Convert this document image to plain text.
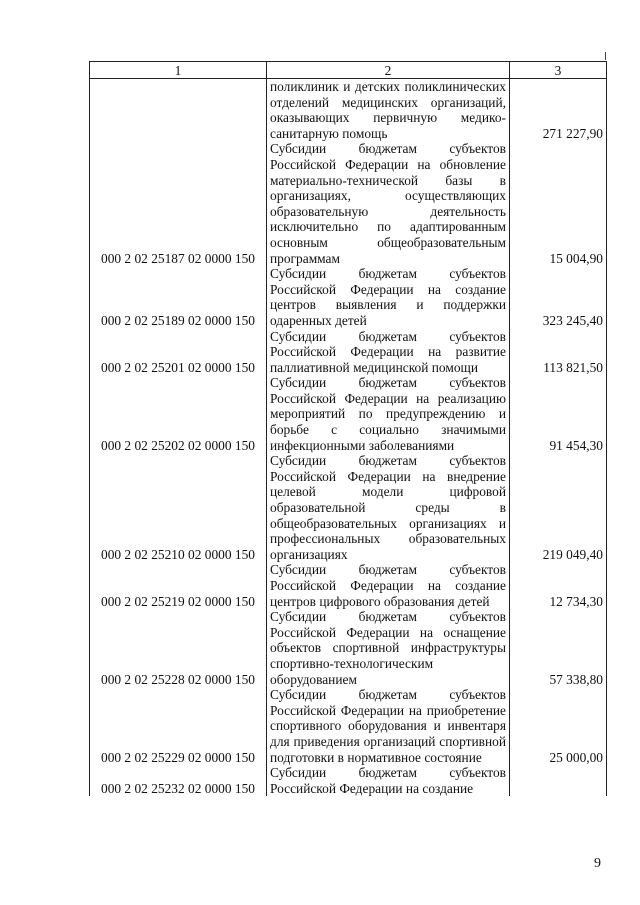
1	2	3
	поликлиник и детских поликлинических отделений медицинских организаций, оказывающих первичную медико-санитарную помощь	271 227,90

000 2 02 25187 02 0000 150	Субсидии бюджетам субъектов Российской Федерации на обновление материально-технической базы в организациях, осуществляющих образовательную деятельность исключительно по адаптированным основным общеобразовательным программам	15 004,90

000 2 02 25189 02 0000 150	Субсидии бюджетам субъектов Российской Федерации на создание центров выявления и поддержки одаренных детей	323 245,40

000 2 02 25201 02 0000 150	Субсидии бюджетам субъектов Российской Федерации на развитие паллиативной медицинской помощи	113 821,50

000 2 02 25202 02 0000 150	Субсидии бюджетам субъектов Российской Федерации на реализацию мероприятий по предупреждению и борьбе с социально значимыми инфекционными заболеваниями	91 454,30

000 2 02 25210 02 0000 150	Субсидии бюджетам субъектов Российской Федерации на внедрение целевой модели цифровой образовательной среды в общеобразовательных организациях и профессиональных образовательных организациях	219 049,40

000 2 02 25219 02 0000 150	Субсидии бюджетам субъектов Российской Федерации на создание центров цифрового образования детей	12 734,30

000 2 02 25228 02 0000 150	Субсидии бюджетам субъектов Российской Федерации на оснащение объектов спортивной инфраструктуры спортивно-технологическим оборудованием	57 338,80

000 2 02 25229 02 0000 150	Субсидии бюджетам субъектов Российской Федерации на приобретение спортивного оборудования и инвентаря для приведения организаций спортивной подготовки в нормативное состояние	25 000,00

000 2 02 25232 02 0000 150	Субсидии бюджетам субъектов Российской Федерации на создание	
9
